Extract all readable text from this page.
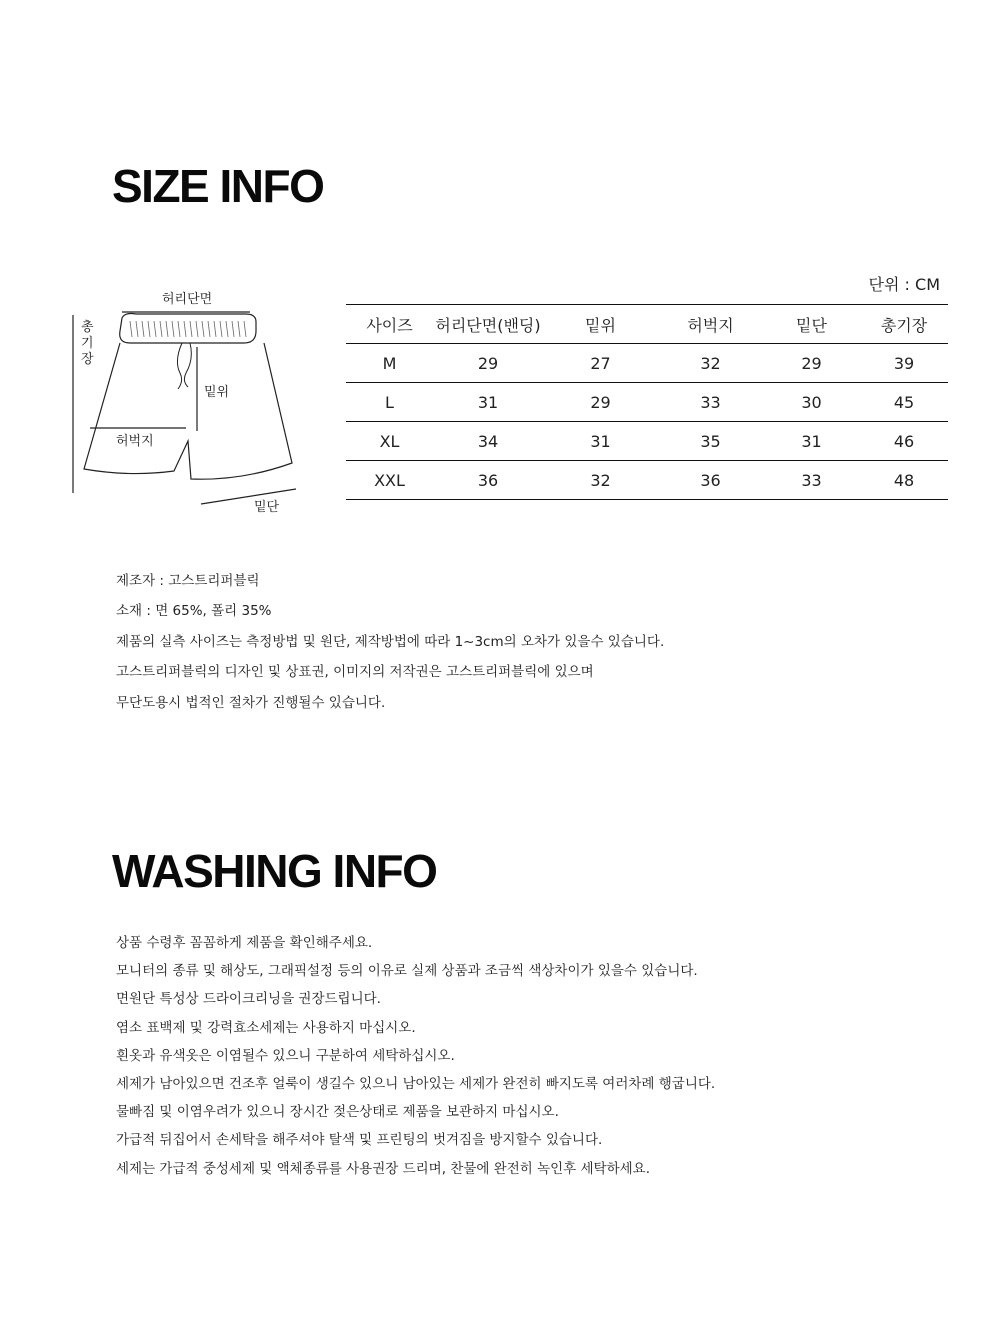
SIZE INFO
단위 : CM
총
기
장
허리단면
밑위
허벅지
밑단
사이즈	허리단면(밴딩)	밑위	허벅지	밑단	총기장
M	29	27	32	29	39
L	31	29	33	30	45
XL	34	31	35	31	46
XXL	36	32	36	33	48
제조자 : 고스트리퍼블릭
소재 : 면 65%, 폴리 35%
제품의 실측 사이즈는 측정방법 및 원단, 제작방법에 따라 1~3cm의 오차가 있을수 있습니다.
고스트리퍼블릭의 디자인 및 상표권, 이미지의 저작권은 고스트리퍼블릭에 있으며
무단도용시 법적인 절차가 진행될수 있습니다.
WASHING INFO
상품 수령후 꼼꼼하게 제품을 확인해주세요.
모니터의 종류 및 해상도, 그래픽설정 등의 이유로 실제 상품과 조금씩 색상차이가 있을수 있습니다.
면원단 특성상 드라이크리닝을 권장드립니다.
염소 표백제 및 강력효소세제는 사용하지 마십시오.
흰옷과 유색옷은 이염될수 있으니 구분하여 세탁하십시오.
세제가 남아있으면 건조후 얼룩이 생길수 있으니 남아있는 세제가 완전히 빠지도록 여러차례 행굽니다.
물빠짐 및 이염우려가 있으니 장시간 젖은상태로 제품을 보관하지 마십시오.
가급적 뒤집어서 손세탁을 해주셔야 탈색 및 프린팅의 벗겨짐을 방지할수 있습니다.
세제는 가급적 중성세제 및 액체종류를 사용권장 드리며, 찬물에 완전히 녹인후 세탁하세요.
